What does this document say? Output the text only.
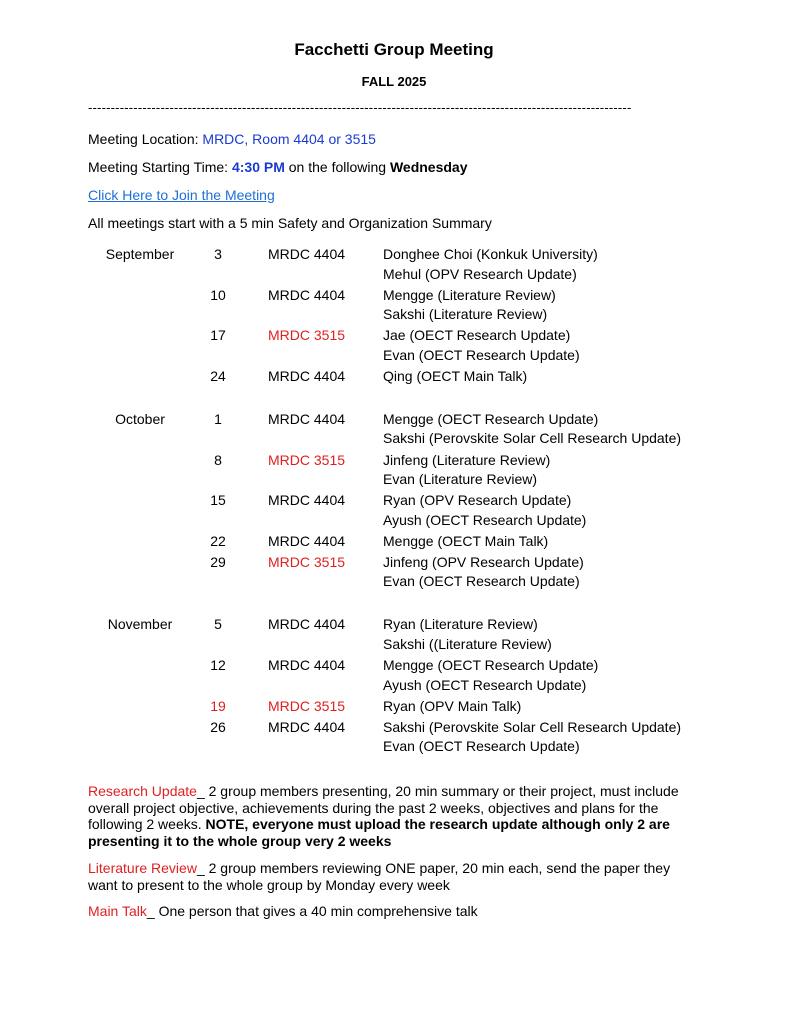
Facchetti Group Meeting
FALL 2025
------------------------------------------------------------------------------------------------------------------------
Meeting Location: MRDC, Room 4404 or 3515
Meeting Starting Time: 4:30 PM on the following Wednesday
Click Here to Join the Meeting
All meetings start with a 5 min Safety and Organization Summary
September	3	MRDC 4404	Donghee Choi (Konkuk University)
Mehul (OPV Research Update)
10	MRDC 4404	Mengge (Literature Review)
Sakshi (Literature Review)
17	MRDC 3515	Jae (OECT Research Update)
Evan (OECT Research Update)
24	MRDC 4404	Qing (OECT Main Talk)
October	1	MRDC 4404	Mengge (OECT Research Update)
Sakshi (Perovskite Solar Cell Research Update)
8	MRDC 3515	Jinfeng (Literature Review)
Evan (Literature Review)
15	MRDC 4404	Ryan (OPV Research Update)
Ayush (OECT Research Update)
22	MRDC 4404	Mengge (OECT Main Talk)
29	MRDC 3515	Jinfeng (OPV Research Update)
Evan (OECT Research Update)
November	5	MRDC 4404	Ryan (Literature Review)
Sakshi ((Literature Review)
12	MRDC 4404	Mengge (OECT Research Update)
Ayush (OECT Research Update)
19	MRDC 3515	Ryan (OPV Main Talk)
26	MRDC 4404	Sakshi (Perovskite Solar Cell Research Update)
Evan (OECT Research Update)
Research Update_ 2 group members presenting, 20 min summary or their project, must include overall project objective, achievements during the past 2 weeks, objectives and plans for the following 2 weeks. NOTE, everyone must upload the research update although only 2 are presenting it to the whole group very 2 weeks
Literature Review_ 2 group members reviewing ONE paper, 20 min each, send the paper they want to present to the whole group by Monday every week
Main Talk_ One person that gives a 40 min comprehensive talk
